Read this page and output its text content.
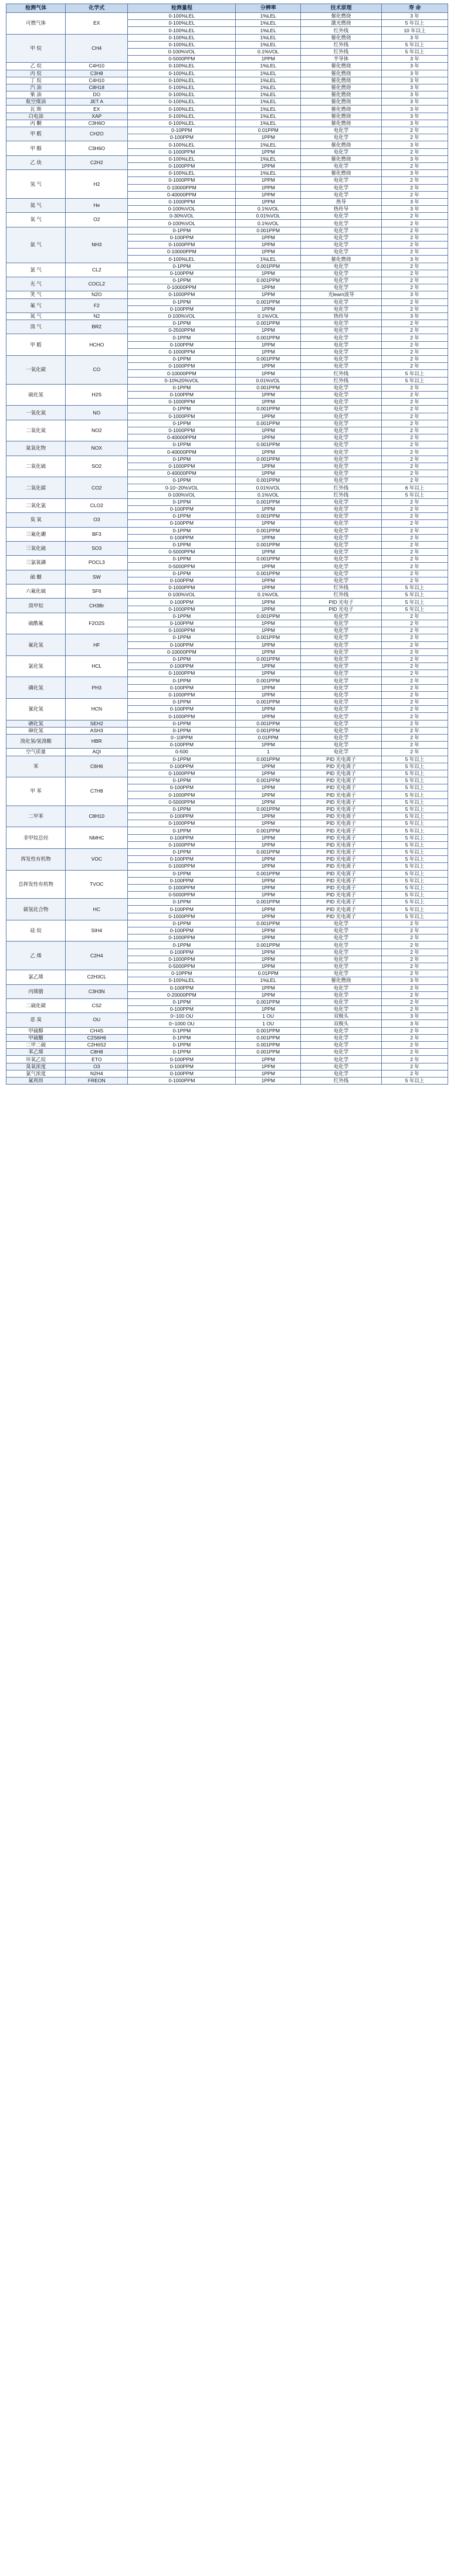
检测气体	化学式	检测量程	分辨率	技术原理	寿 命
可燃气体	EX	0-100%LEL	1%LEL	催化燃烧	3 年
		0-100%LEL	1%LEL	激光燃烧	5 年以上
		0-100%LEL	1%LEL	红外线	10 年以上
甲 烷	CH4	0-100%LEL	1%LEL	催化燃烧	3 年
		0-100%LEL	1%LEL	红外线	5 年以上
		0-100%VOL	0.1%VOL	红外线	5 年以上
		0-5000PPM	1PPM	半导体	3 年
乙 烷	C4H10	0-100%LEL	1%LEL	催化燃烧	3 年
丙 烷	C3H8	0-100%LEL	1%LEL	催化燃烧	3 年
丁 烷	C4H10	0-100%LEL	1%LEL	催化燃烧	3 年
汽 油	C8H18	0-100%LEL	1%LEL	催化燃烧	3 年
柴 油	DO	0-100%LEL	1%LEL	催化燃烧	3 年
航空煤油	JET A	0-100%LEL	1%LEL	催化燃烧	3 年
瓦 斯	EX	0-100%LEL	1%LEL	催化燃烧	3 年
白电油	XAP	0-100%LEL	1%LEL	催化燃烧	3 年
丙 酮	C3H6O	0-100%LEL	1%LEL	催化燃烧	3 年
甲 醛	CH2O	0-10PPM	0.01PPM	电化学	2 年
		0-100PPM	1PPM	电化学	2 年
甲 醇	C3H6O	0-100%LEL	1%LEL	催化燃烧	3 年
		0-1000PPM	1PPM	电化学	2 年
乙 炔	C2H2	0-100%LEL	1%LEL	催化燃烧	3 年
		0-1000PPM	1PPM	电化学	2 年
氢 气	H2	0-100%LEL	1%LEL	催化燃烧	3 年
		0-1000PPM	1PPM	电化学	2 年
		0-10000PPM	1PPM	电化学	2 年
		0-40000PPM	1PPM	电化学	2 年
氦 气	He	0-1000PPM	1PPM	热导	3 年
		0-100%VOL	0.1%VOL	热传导	3 年
氧 气	O2	0-30%VOL	0.01%VOL	电化学	2 年
		0-100%VOL	0.1%VOL	电化学	2 年
氨 气	NH3	0-1PPM	0.001PPM	电化学	2 年
		0-100PPM	1PPM	电化学	2 年
		0-1000PPM	1PPM	电化学	2 年
		0-10000PPM	1PPM	电化学	2 年
		0-100%LEL	1%LEL	催化燃烧	3 年
氯 气	CL2	0-1PPM	0.001PPM	电化学	2 年
		0-100PPM	1PPM	电化学	2 年
光 气	COCL2	0-1PPM	0.001PPM	电化学	2 年
		0-10000PPM	1PPM	电化学	2 年
笑 气	N2O	0-1000PPM	1PPM	光learn波导	3 年
氟 气	F2	0-1PPM	0.001PPM	电化学	2 年
		0-100PPM	1PPM	电化学	2 年
氮 气	N2	0-100%VOL	0.1%VOL	热传导	3 年
溴 气	BR2	0-1PPM	0.001PPM	电化学	2 年
		0-2500PPM	1PPM	电化学	2 年
甲 醛	HCHO	0-1PPM	0.001PPM	电化学	2 年
		0-100PPM	1PPM	电化学	2 年
		0-1000PPM	1PPM	电化学	2 年
一氧化碳	CO	0-1PPM	0.001PPM	电化学	2 年
		0-1000PPM	1PPM	电化学	2 年
		0-10000PPM	1PPM	红外线	5 年以上
		0-10%20%VOL	0.01%VOL	红外线	5 年以上
硫化氢	H2S	0-1PPM	0.001PPM	电化学	2 年
		0-100PPM	1PPM	电化学	2 年
		0-1000PPM	1PPM	电化学	2 年
一氧化氮	NO	0-1PPM	0.001PPM	电化学	2 年
		0-1000PPM	1PPM	电化学	2 年
二氧化氮	NO2	0-1PPM	0.001PPM	电化学	2 年
		0-1000PPM	1PPM	电化学	2 年
		0-40000PPM	1PPM	电化学	2 年
氮氧化物	NOX	0-1PPM	0.001PPM	电化学	2 年
		0-40000PPM	1PPM	电化学	2 年
二氧化硫	SO2	0-1PPM	0.001PPM	电化学	2 年
		0-1000PPM	1PPM	电化学	2 年
		0-40000PPM	1PPM	电化学	2 年
二氧化碳	CO2	0-1PPM	0.001PPM	电化学	2 年
		0-10~20%VOL	0.01%VOL	红外线	6 年以上
		0-100%VOL	0.1%VOL	红外线	5 年以上
二氧化氯	CLO2	0-1PPM	0.001PPM	电化学	2 年
		0-100PPM	1PPM	电化学	2 年
臭 氧	O3	0-1PPM	0.001PPM	电化学	2 年
		0-100PPM	1PPM	电化学	2 年
三氟化硼	BF3	0-1PPM	0.001PPM	电化学	2 年
		0-100PPM	1PPM	电化学	2 年
三氧化硫	SO3	0-1PPM	0.001PPM	电化学	2 年
		0-5000PPM	1PPM	电化学	2 年
三氯氧磷	POCL3	0-1PPM	0.001PPM	电化学	2 年
		0-5000PPM	1PPM	电化学	2 年
硫 醚	SW	0-1PPM	0.001PPM	电化学	2 年
		0-100PPM	1PPM	电化学	2 年
六氟化硫	SF6	0-1000PPM	1PPM	红外线	5 年以上
		0-100%VOL	0.1%VOL	红外线	5 年以上
溴甲烷	CH3Br	0-100PPM	1PPM	PID 光电子	5 年以上
		0-1000PPM	1PPM	PID 光电子	5 年以上
硫酰氟	F2O2S	0-1PPM	0.001PPM	电化学	2 年
		0-100PPM	1PPM	电化学	2 年
		0-1000PPM	1PPM	电化学	2 年
氟化氢	HF	0-1PPM	0.001PPM	电化学	2 年
		0-100PPM	1PPM	电化学	2 年
		0-10000PPM	1PPM	电化学	2 年
氯化氢	HCL	0-1PPM	0.001PPM	电化学	2 年
		0-100PPM	1PPM	电化学	2 年
		0-1000PPM	1PPM	电化学	2 年
磷化氢	PH3	0-1PPM	0.001PPM	电化学	2 年
		0-100PPM	1PPM	电化学	2 年
		0-1000PPM	1PPM	电化学	2 年
氰化氢	HCN	0-1PPM	0.001PPM	电化学	2 年
		0-100PPM	1PPM	电化学	2 年
		0-1000PPM	1PPM	电化学	2 年
硒化氢	SEH2	0-1PPM	0.001PPM	电化学	2 年
砷化氢	ASH3	0-1PPM	0.001PPM	电化学	2 年
溴化氢/氢溴酸	HBR	0~10PPM	0.01PPM	电化学	2 年
		0-100PPM	1PPM	电化学	2 年
空气质量	AQI	0-500	1	电化学	2 年
苯	C6H6	0-1PPM	0.001PPM	PID 光电离子	5 年以上
		0-100PPM	1PPM	PID 光电离子	5 年以上
		0-1000PPM	1PPM	PID 光电离子	5 年以上
甲 苯	C7H8	0-1PPM	0.001PPM	PID 光电离子	5 年以上
		0-100PPM	1PPM	PID 光电离子	5 年以上
		0-1000PPM	1PPM	PID 光电离子	5 年以上
		0-5000PPM	1PPM	PID 光电离子	5 年以上
二甲苯	C8H10	0-1PPM	0.001PPM	PID 光电离子	5 年以上
		0-100PPM	1PPM	PID 光电离子	5 年以上
		0-1000PPM	1PPM	PID 光电离子	5 年以上
非甲烷总烃	NMHC	0-1PPM	0.001PPM	PID 光电离子	5 年以上
		0-100PPM	1PPM	PID 光电离子	5 年以上
		0-1000PPM	1PPM	PID 光电离子	5 年以上
挥发性有机物	VOC	0-1PPM	0.001PPM	PID 光电离子	5 年以上
		0-100PPM	1PPM	PID 光电离子	5 年以上
		0-1000PPM	1PPM	PID 光电离子	5 年以上
总挥发性有机物	TVOC	0-1PPM	0.001PPM	PID 光电离子	5 年以上
		0-100PPM	1PPM	PID 光电离子	5 年以上
		0-1000PPM	1PPM	PID 光电离子	5 年以上
		0-5000PPM	1PPM	PID 光电离子	5 年以上
碳氢化合物	HC	0-1PPM	0.001PPM	PID 光电离子	5 年以上
		0-100PPM	1PPM	PID 光电离子	5 年以上
		0-1000PPM	1PPM	PID 光电离子	5 年以上
硅 烷	SIH4	0-1PPM	0.001PPM	电化学	2 年
		0-100PPM	1PPM	电化学	2 年
		0-1000PPM	1PPM	电化学	2 年
乙 烯	C2H4	0-1PPM	0.001PPM	电化学	2 年
		0-100PPM	1PPM	电化学	2 年
		0-1000PPM	1PPM	电化学	2 年
		0-5000PPM	1PPM	电化学	2 年
氯乙烯	C2H3CL	0-10PPM	0.01PPM	电化学	2 年
		0-100%LEL	1%LEL	催化燃烧	3 年
丙烯腈	C3H3N	0-100PPM	1PPM	电化学	2 年
		0-20000PPM	1PPM	电化学	2 年
二硫化碳	CS2	0-1PPM	0.001PPM	电化学	2 年
		0-100PPM	1PPM	电化学	2 年
恶 臭	OU	0~100 OU	1 OU	双极头	3 年
		0~1000 OU	1 OU	双极头	3 年
甲硫醇	CH4S	0-1PPM	0.001PPM	电化学	2 年
甲硫醚	C2S6H6	0-1PPM	0.001PPM	电化学	2 年
二甲二硫	C2H6S2	0-1PPM	0.001PPM	电化学	2 年
苯乙烯	C8H8	0-1PPM	0.001PPM	电化学	2 年
环氧乙烷	ETO	0-100PPM	1PPM	电化学	2 年
臭氧浓度	O3	0-100PPM	1PPM	电化学	2 年
氯气浓度	N2H4	0-100PPM	1PPM	电化学	2 年
氟利昂	FREON	0-1000PPM	1PPM	红外线	5 年以上
